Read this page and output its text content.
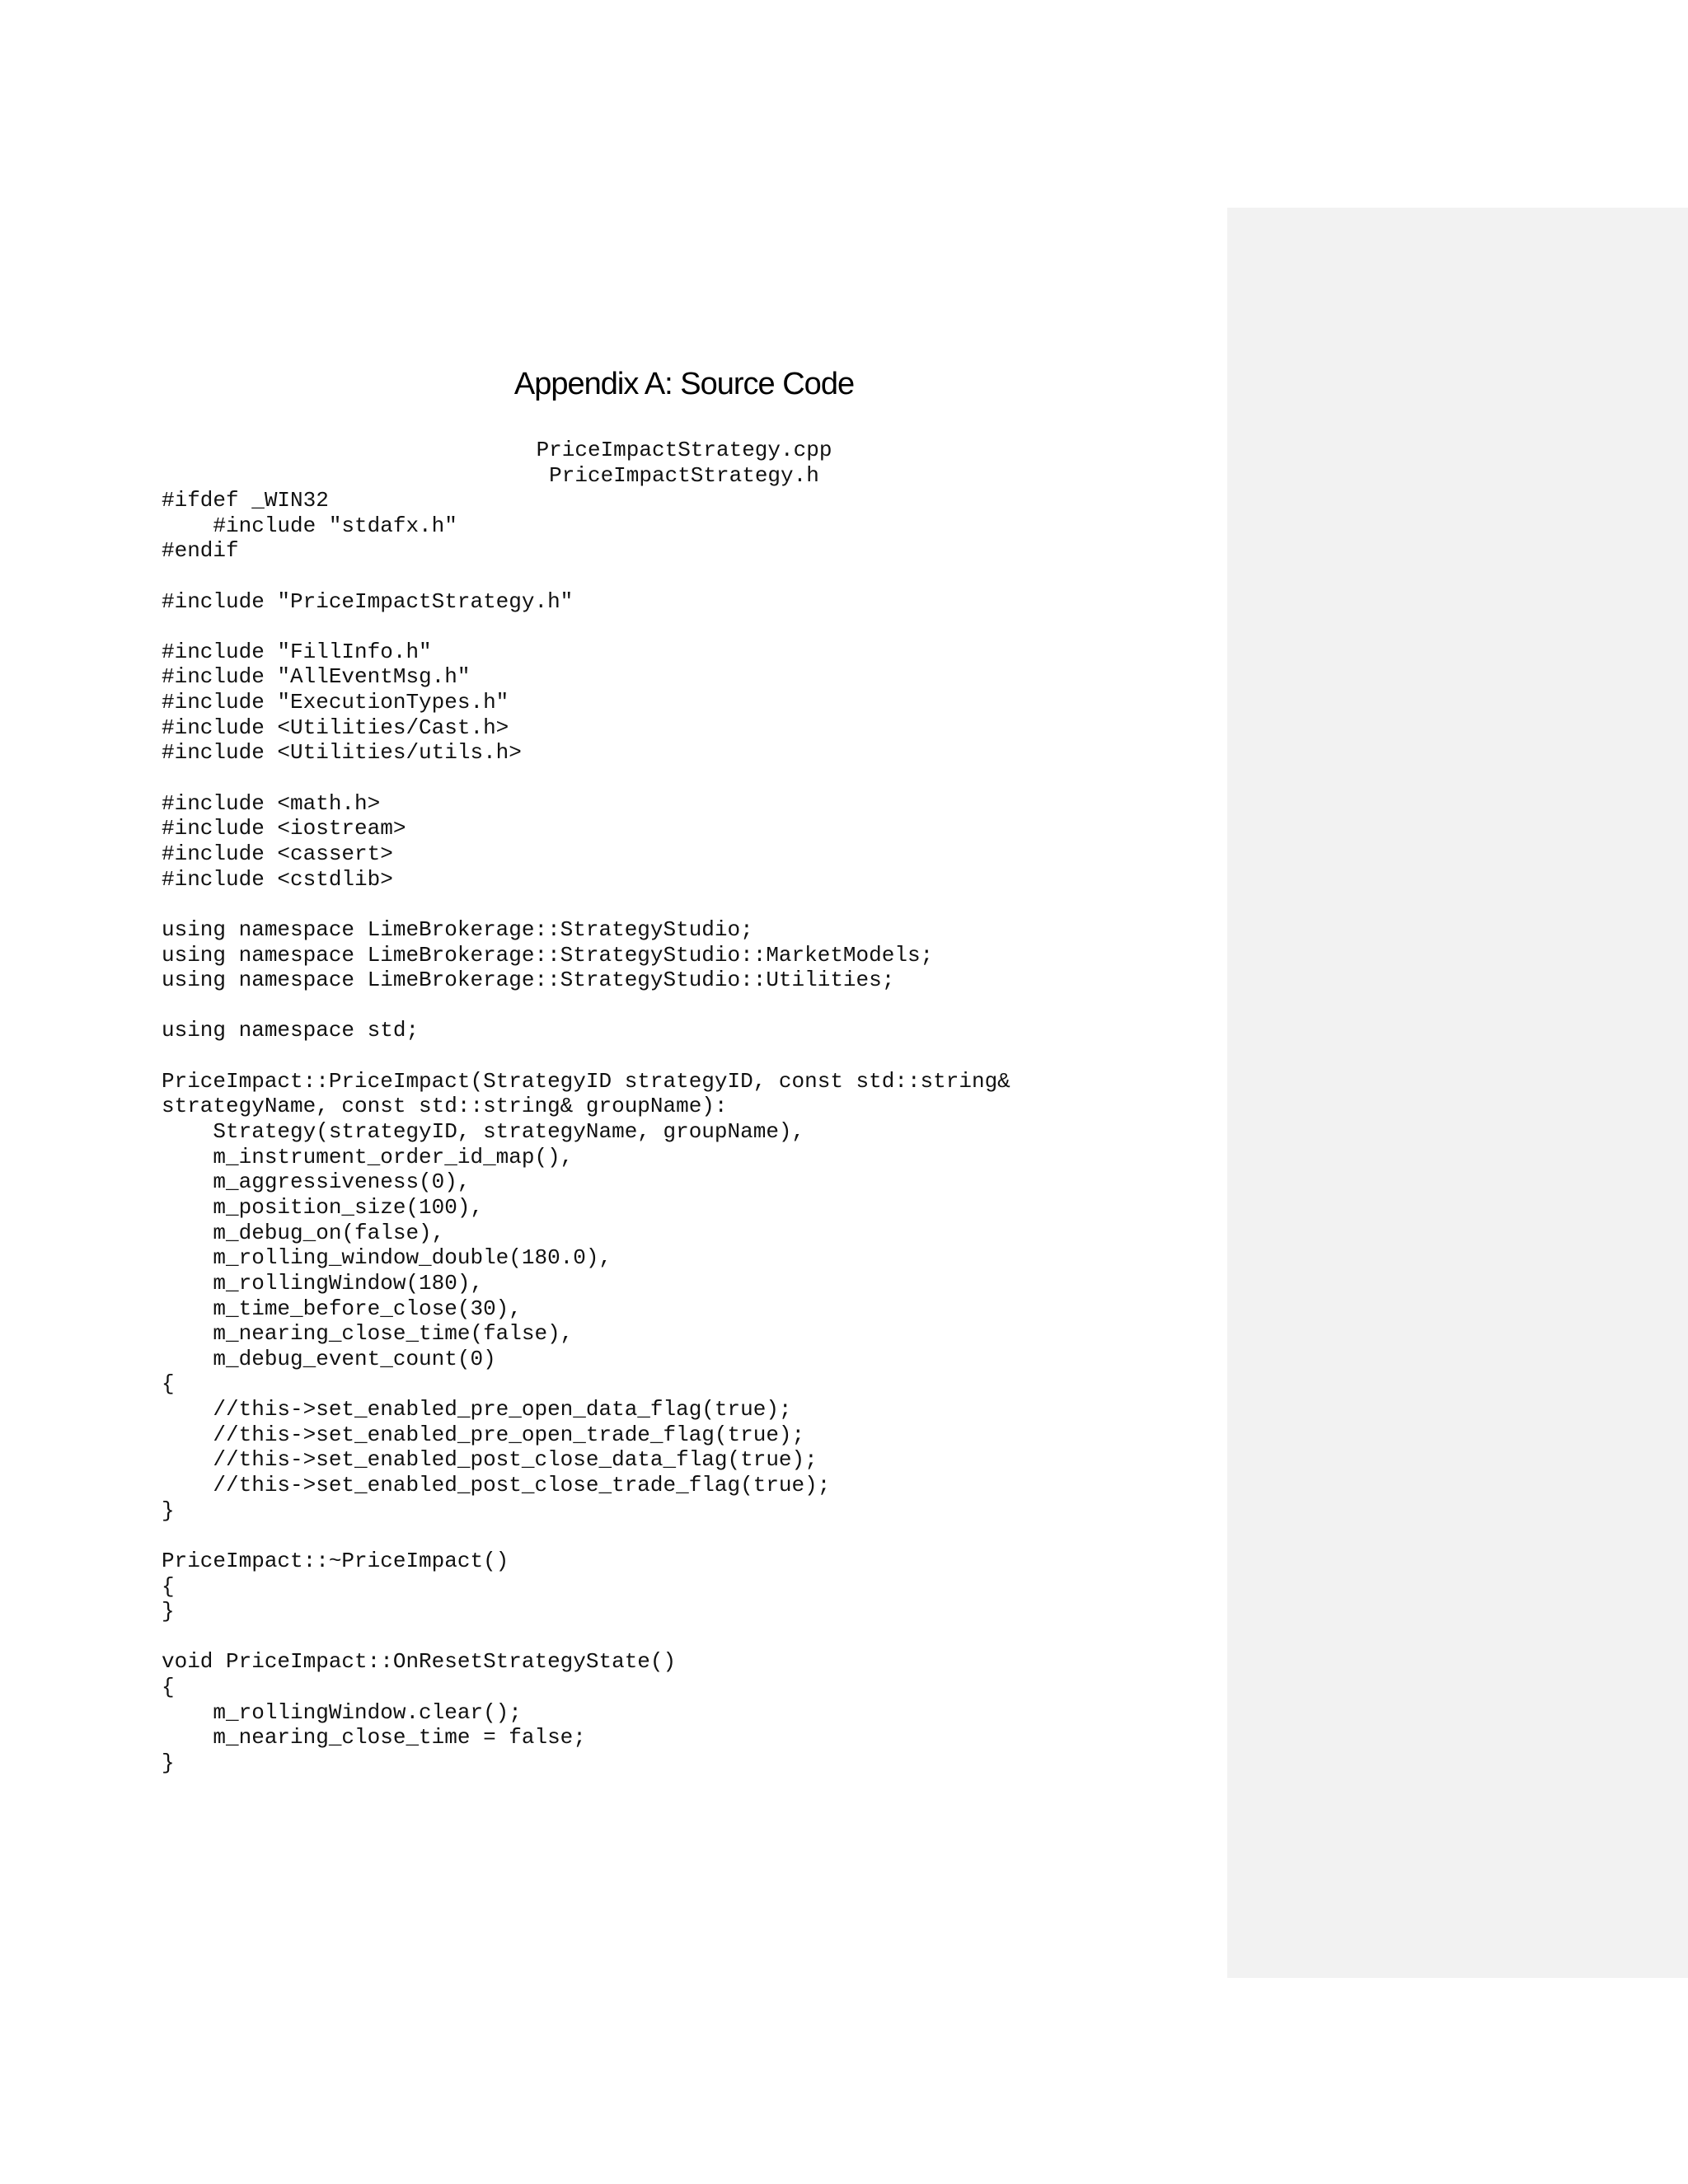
Appendix A: Source Code
PriceImpactStrategy.cpp
PriceImpactStrategy.h
#ifdef _WIN32
#include "stdafx.h"
#endif
#include "PriceImpactStrategy.h"
#include "FillInfo.h"
#include "AllEventMsg.h"
#include "ExecutionTypes.h"
#include <Utilities/Cast.h>
#include <Utilities/utils.h>
#include <math.h>
#include <iostream>
#include <cassert>
#include <cstdlib>
using namespace LimeBrokerage::StrategyStudio;
using namespace LimeBrokerage::StrategyStudio::MarketModels;
using namespace LimeBrokerage::StrategyStudio::Utilities;
using namespace std;
PriceImpact::PriceImpact(StrategyID strategyID, const std::string&
strategyName, const std::string& groupName):
Strategy(strategyID, strategyName, groupName),
m_instrument_order_id_map(),
m_aggressiveness(0),
m_position_size(100),
m_debug_on(false),
m_rolling_window_double(180.0),
m_rollingWindow(180),
m_time_before_close(30),
m_nearing_close_time(false),
m_debug_event_count(0)
{
//this->set_enabled_pre_open_data_flag(true);
//this->set_enabled_pre_open_trade_flag(true);
//this->set_enabled_post_close_data_flag(true);
//this->set_enabled_post_close_trade_flag(true);
}
PriceImpact::~PriceImpact()
{
}
void PriceImpact::OnResetStrategyState()
{
m_rollingWindow.clear();
m_nearing_close_time = false;
}
